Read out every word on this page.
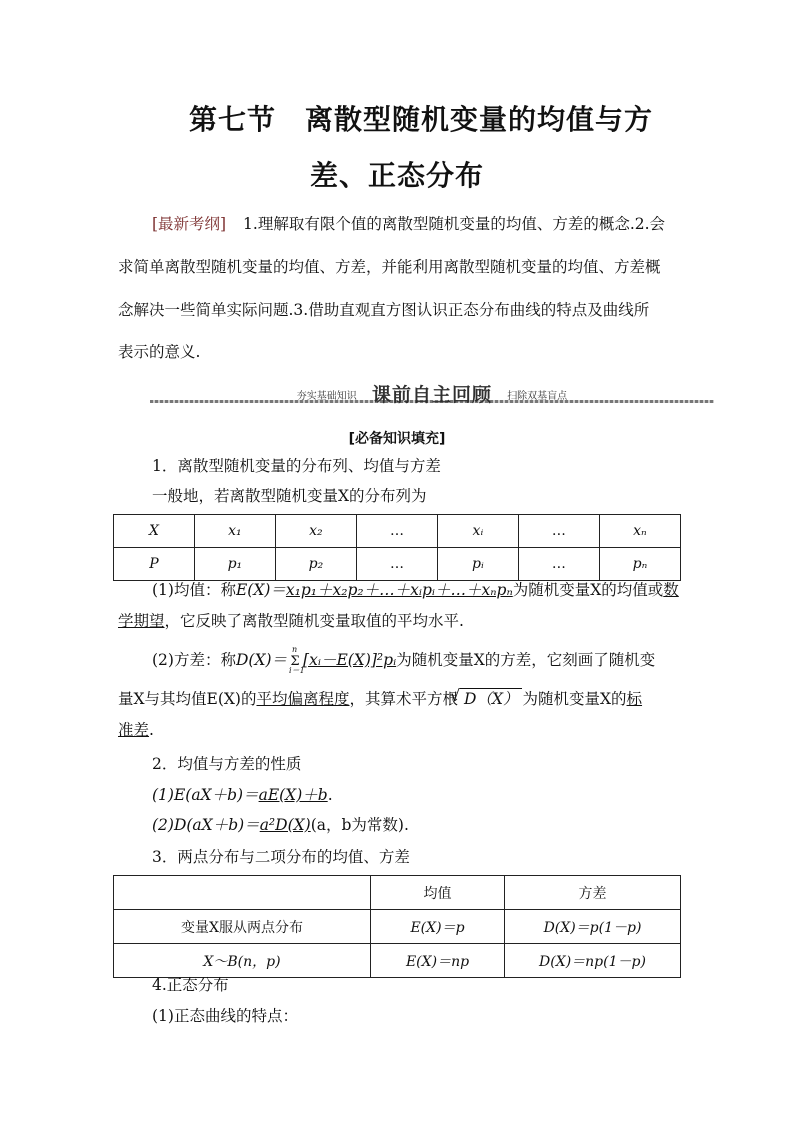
第七节　离散型随机变量的均值与方
差、正态分布

[最新考纲] 1.理解取有限个值的离散型随机变量的均值、方差的概念.2.会

求简单离散型随机变量的均值、方差，并能利用离散型随机变量的均值、方差概

念解决一些简单实际问题.3.借助直观直方图认识正态分布曲线的特点及曲线所

表示的意义.

夯实基础知识 课前自主回顾 扫除双基盲点
[必备知识填充]

1．离散型随机变量的分布列、均值与方差

一般地，若离散型随机变量X的分布列为

X	x₁	x₂	…	xᵢ	…	xₙ
P	p₁	p₂	…	pᵢ	…	pₙ

(1)均值：称E(X)＝x₁p₁＋x₂p₂＋…＋xᵢpᵢ＋…＋xₙpₙ为随机变量X的均值或数

学期望，它反映了离散型随机变量取值的平均水平.

(2)方差：称D(X)＝ Σ
n
i＝1
[xᵢ－E(X)]²pᵢ为随机变量X的方差，它刻画了随机变

量X与其均值E(X)的平均偏离程度，其算术平方根 √ D（X） 为随机变量X的标

准差.

2．均值与方差的性质

(1)E(aX＋b)＝aE(X)＋b.

(2)D(aX＋b)＝a²D(X)(a，b为常数).

3．两点分布与二项分布的均值、方差

	均值	方差
变量X服从两点分布	E(X)＝p	D(X)＝p(1－p)
X～B(n，p)	E(X)＝np	D(X)＝np(1－p)

4.正态分布

(1)正态曲线的特点：
